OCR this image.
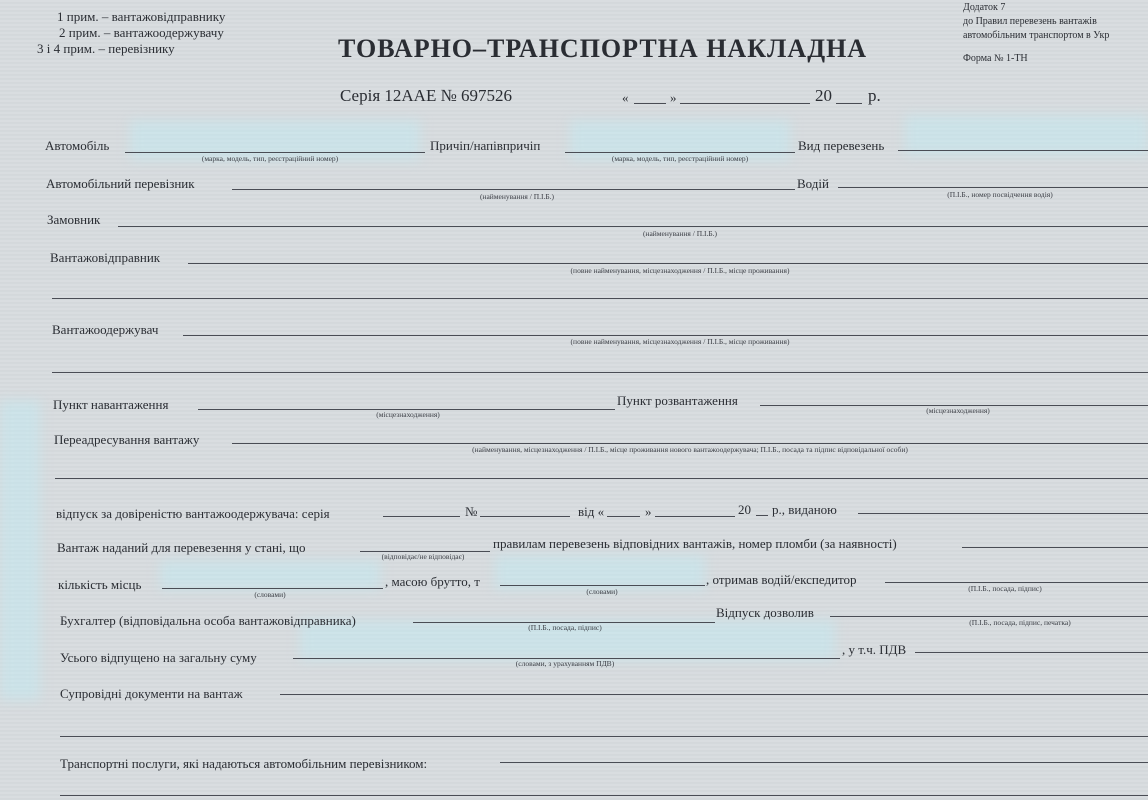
1 прим. – вантажовідправнику
2 прим. – вантажоодержувачу
3 і 4 прим. – перевізнику
Додаток 7
до Правил перевезень вантажів
автомобільним транспортом в Укр
Форма № 1-ТН
ТОВАРНО–ТРАНСПОРТНА НАКЛАДНА
Серія 12ААЕ № 697526	«	»	20 р.
Автомобіль
(марка, модель, тип, реєстраційний номер)
Причіп/напівпричіп
(марка, модель, тип, реєстраційний номер)
Вид перевезень
Автомобільний перевізник
(найменування / П.І.Б.)
Водій
(П.І.Б., номер посвідчення водія)
Замовник
(найменування / П.І.Б.)
Вантажовідправник
(повне найменування, місцезнаходження / П.І.Б., місце проживання)
Вантажоодержувач
(повне найменування, місцезнаходження / П.І.Б., місце проживання)
Пункт навантаження
(місцезнаходження)
Пункт розвантаження
(місцезнаходження)
Переадресування вантажу
(найменування, місцезнаходження / П.І.Б., місце проживання нового вантажоодержувача; П.І.Б., посада та підпис відповідальної особи)
відпуск за довіреністю вантажоодержувача: серія	№	від «	»	20 р., виданою
Вантаж наданий для перевезення у стані, що
(відповідає/не відповідає)
правилам перевезень відповідних вантажів, номер пломби (за наявності)
кількість місць
(словами)
, масою брутто, т
(словами)
, отримав водій/експедитор
(П.І.Б., посада, підпис)
Бухгалтер (відповідальна особа вантажовідправника)	(П.І.Б., посада, підпис)
Відпуск дозволив
(П.І.Б., посада, підпис, печатка)
Усього відпущено на загальну суму	(словами, з урахуванням ПДВ)
, у т.ч. ПДВ
Супровідні документи на вантаж
Транспортні послуги, які надаються автомобільним перевізником:
